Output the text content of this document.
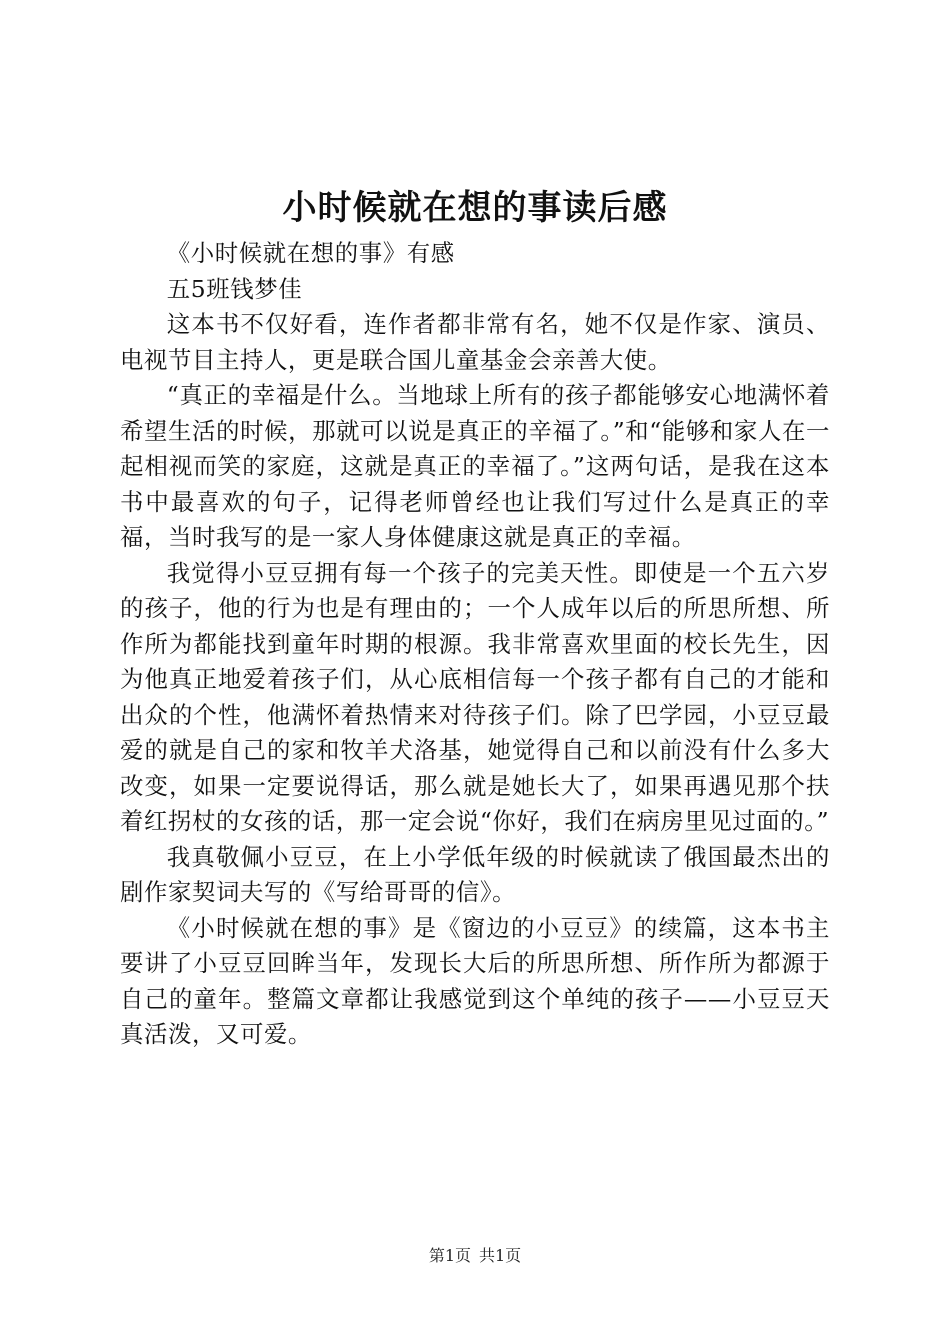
小时候就在想的事读后感

《小时候就在想的事》有感

五5班钱梦佳

这本书不仅好看，连作者都非常有名，她不仅是作家、演员、电视节目主持人，更是联合国儿童基金会亲善大使。

“真正的幸福是什么。当地球上所有的孩子都能够安心地满怀着希望生活的时候，那就可以说是真正的辛福了。”和“能够和家人在一起相视而笑的家庭，这就是真正的幸福了。”这两句话，是我在这本书中最喜欢的句子，记得老师曾经也让我们写过什么是真正的幸福，当时我写的是一家人身体健康这就是真正的幸福。

我觉得小豆豆拥有每一个孩子的完美天性。即使是一个五六岁的孩子，他的行为也是有理由的；一个人成年以后的所思所想、所作所为都能找到童年时期的根源。我非常喜欢里面的校长先生，因为他真正地爱着孩子们，从心底相信每一个孩子都有自己的才能和出众的个性，他满怀着热情来对待孩子们。除了巴学园，小豆豆最爱的就是自己的家和牧羊犬洛基，她觉得自己和以前没有什么多大改变，如果一定要说得话，那么就是她长大了，如果再遇见那个扶着红拐杖的女孩的话，那一定会说“你好，我们在病房里见过面的。”

我真敬佩小豆豆，在上小学低年级的时候就读了俄国最杰出的剧作家契词夫写的《写给哥哥的信》。

《小时候就在想的事》是《窗边的小豆豆》的续篇，这本书主要讲了小豆豆回眸当年，发现长大后的所思所想、所作所为都源于自己的童年。整篇文章都让我感觉到这个单纯的孩子——小豆豆天真活泼，又可爱。

第1页 共1页
